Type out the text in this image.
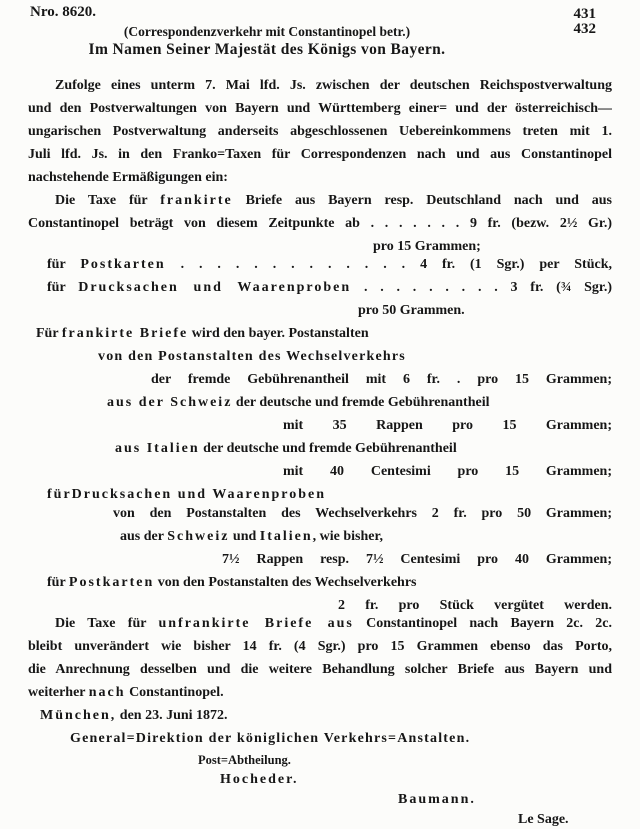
Nro. 8620.	431
432
(Correspondenzverkehr mit Constantinopel betr.)
Im Namen Seiner Majestät des Königs von Bayern.
Zufolge eines unterm 7. Mai lfd. Js. zwischen der deutschen Reichspostverwaltung
und den Postverwaltungen von Bayern und Württemberg einer= und der österreichisch—
ungarischen Postverwaltung anderseits abgeschlossenen Uebereinkommens treten mit 1.
Juli lfd. Js. in den Franko=Taxen für Correspondenzen nach und aus Constantinopel
nachstehende Ermäßigungen ein:
Die Taxe für frankirte Briefe aus Bayern resp. Deutschland nach und aus
Constantinopel beträgt von diesem Zeitpunkte ab . . . . . . . 9 fr. (bezw. 2½ Gr.)
pro 15 Grammen;
für Postkarten . . . . . . . . . . . . . 4 fr. (1 Sgr.) per Stück,
für Drucksachen und Waarenproben . . . . . . . . . 3 fr. (¾ Sgr.)
pro 50 Grammen.
Für frankirte Briefe wird den bayer. Postanstalten
von den Postanstalten des Wechselverkehrs
der fremde Gebührenantheil mit 6 fr. . pro 15 Grammen;
aus der Schweiz der deutsche und fremde Gebührenantheil
mit 35 Rappen pro 15 Grammen;
aus Italien der deutsche und fremde Gebührenantheil
mit 40 Centesimi pro 15 Grammen;
fürDrucksachen und Waarenproben
von den Postanstalten des Wechselverkehrs 2 fr. pro 50 Grammen;
aus der Schweiz und Italien, wie bisher,
7½ Rappen resp. 7½ Centesimi pro 40 Grammen;
für Postkarten von den Postanstalten des Wechselverkehrs
2 fr. pro Stück vergütet werden.
Die Taxe für unfrankirte Briefe aus Constantinopel nach Bayern 2c. 2c.
bleibt unverändert wie bisher 14 fr. (4 Sgr.) pro 15 Grammen ebenso das Porto,
die Anrechnung desselben und die weitere Behandlung solcher Briefe aus Bayern und
weiterher nach Constantinopel.
München, den 23. Juni 1872.
General=Direktion der königlichen Verkehrs=Anstalten.
Post=Abtheilung.
Hocheder.
Baumann.
Le Sage.
